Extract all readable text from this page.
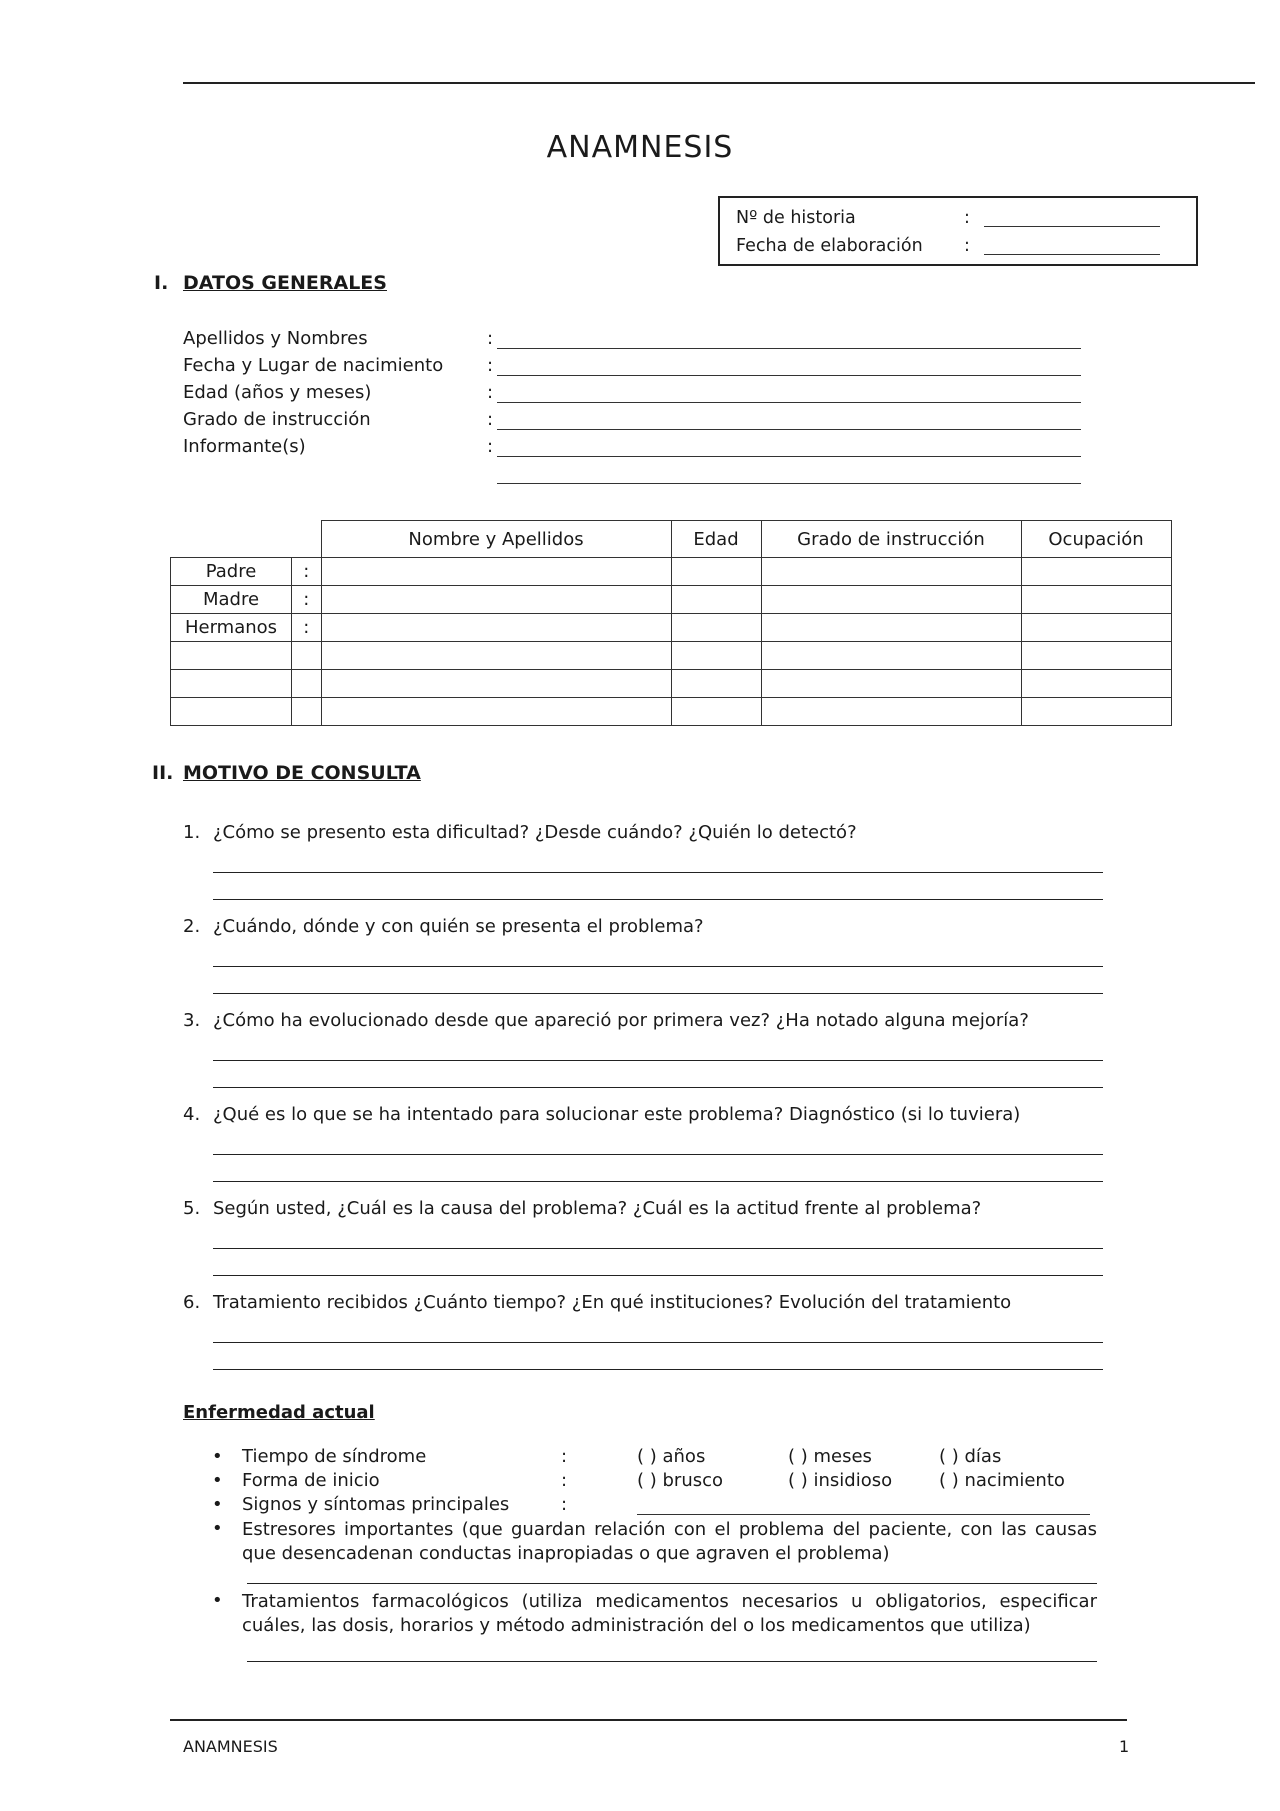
ANAMNESIS
Nº de historia	:
Fecha de elaboración :
I. DATOS GENERALES
Apellidos y Nombres	:
Fecha y Lugar de nacimiento :
Edad (años y meses)	:
Grado de instrucción	:
Informante(s)	:
		Nombre y Apellidos	Edad	Grado de instrucción	Ocupación
Padre	:				
Madre	:				
Hermanos	:				

II. MOTIVO DE CONSULTA
1. ¿Cómo se presento esta dificultad? ¿Desde cuándo? ¿Quién lo detectó?
2. ¿Cuándo, dónde y con quién se presenta el problema?
3. ¿Cómo ha evolucionado desde que apareció por primera vez? ¿Ha notado alguna mejoría?
4. ¿Qué es lo que se ha intentado para solucionar este problema? Diagnóstico (si lo tuviera)
5. Según usted, ¿Cuál es la causa del problema? ¿Cuál es la actitud frente al problema?
6. Tratamiento recibidos ¿Cuánto tiempo? ¿En qué instituciones? Evolución del tratamiento
Enfermedad actual
• Tiempo de síndrome	:	( ) años	( ) meses	( ) días
• Forma de inicio	:	( ) brusco	( ) insidioso	( ) nacimiento
• Signos y síntomas principales	:
• Estresores importantes (que guardan relación con el problema del paciente, con las causas que desencadenan conductas inapropiadas o que agraven el problema)
• Tratamientos farmacológicos (utiliza medicamentos necesarios u obligatorios, especificar cuáles, las dosis, horarios y método administración del o los medicamentos que utiliza)
ANAMNESIS	1
